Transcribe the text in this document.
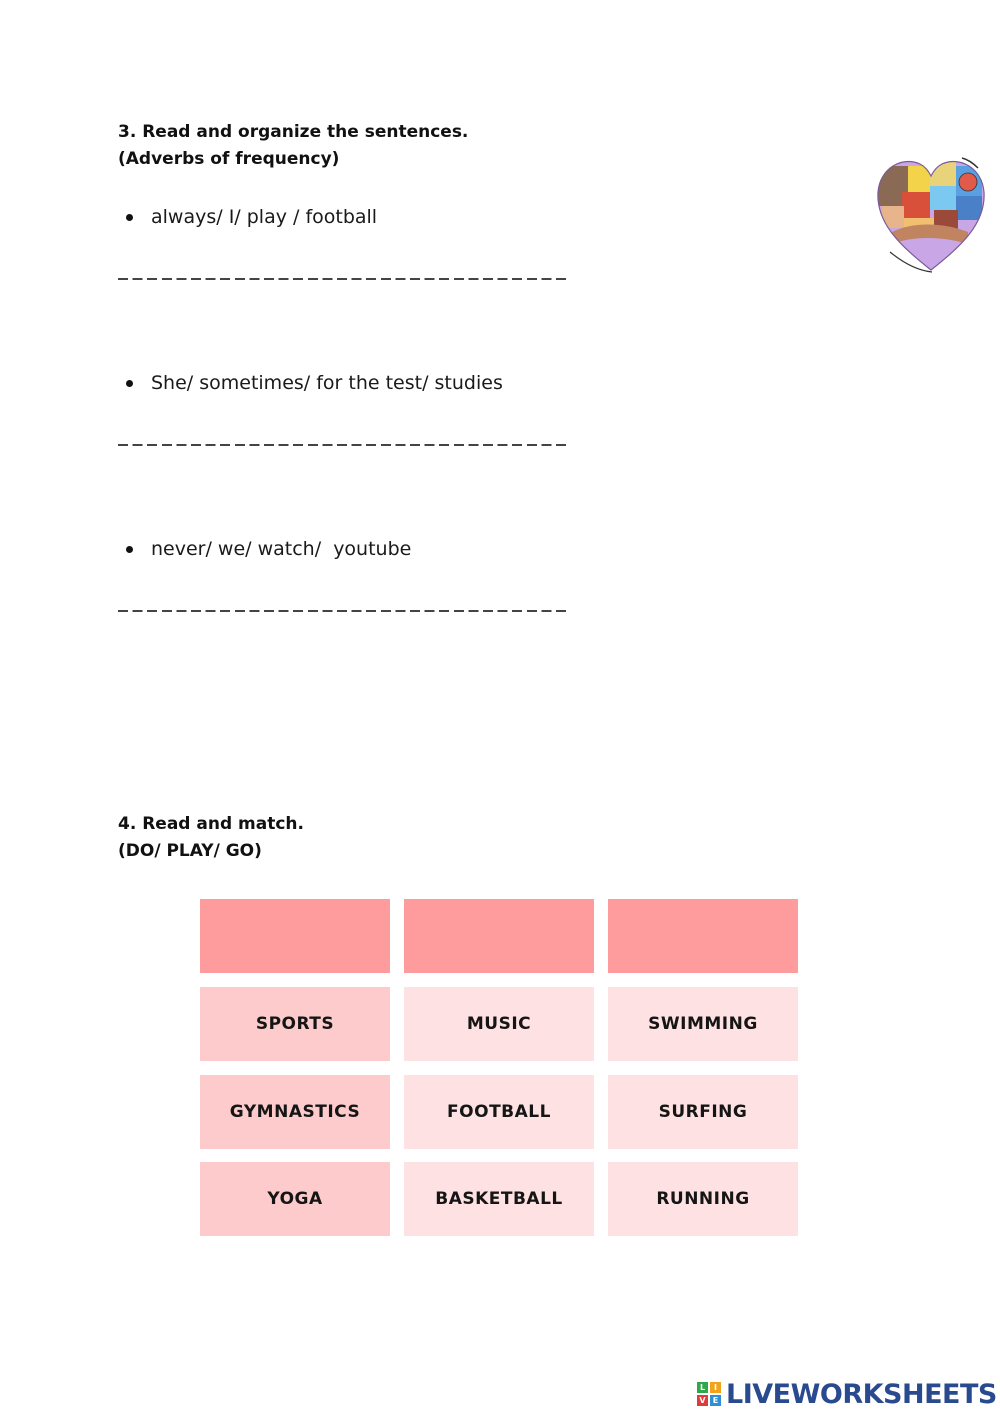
3. Read and organize the sentences.
(Adverbs of frequency)
always/ I/ play / football
She/ sometimes/ for the test/ studies
never/ we/ watch/  youtube
4. Read and match.
(DO/ PLAY/ GO)
SPORTS	MUSIC	SWIMMING
GYMNASTICS	FOOTBALL	SURFING
YOGA	BASKETBALL	RUNNING
L	I
V E LIVEWORKSHEETS
